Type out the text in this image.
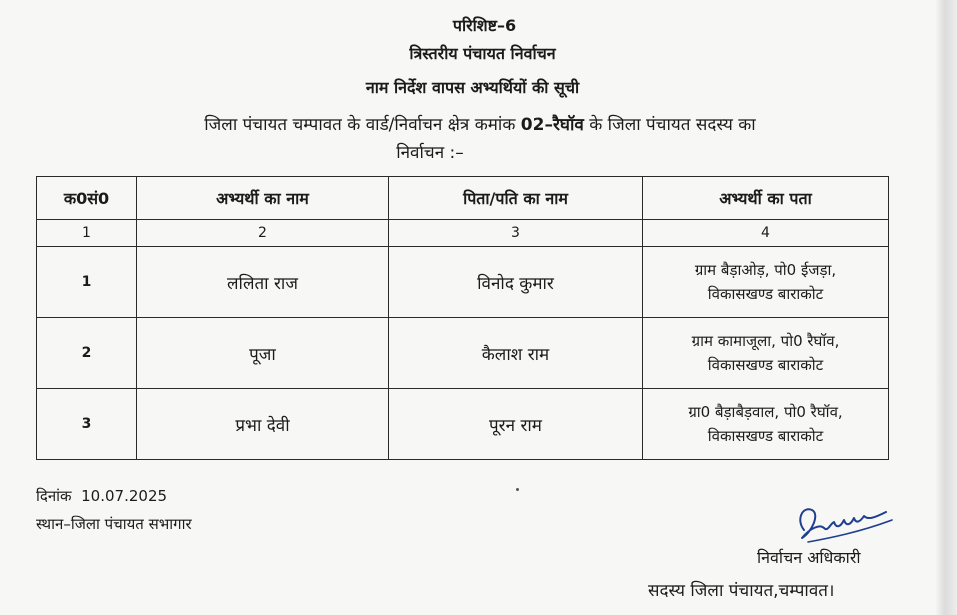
परिशिष्ट–6
त्रिस्तरीय पंचायत निर्वाचन
नाम निर्देश वापस अभ्यर्थियों की सूची
जिला पंचायत चम्पावत के वार्ड/निर्वाचन क्षेत्र कमांक 02–रैघॉव के जिला पंचायत सदस्य का
निर्वाचन :–
क0सं0	अभ्यर्थी का नाम	पिता/पति का नाम	अभ्यर्थी का पता
1	2	3	4
1	ललिता राज	विनोद कुमार	ग्राम बैड़ाओड़, पो0 ईजड़ा,
विकासखण्ड बाराकोट

2	पूजा	कैलाश राम	ग्राम कामाजूला, पो0 रैघॉव,
विकासखण्ड बाराकोट

3	प्रभा देवी	पूरन राम	ग्रा0 बैड़ाबैड़वाल, पो0 रैघॉव,
विकासखण्ड बाराकोट
दिनांक 10.07.2025
स्थान–जिला पंचायत सभागार
निर्वाचन अधिकारी
सदस्य जिला पंचायत,चम्पावत।
